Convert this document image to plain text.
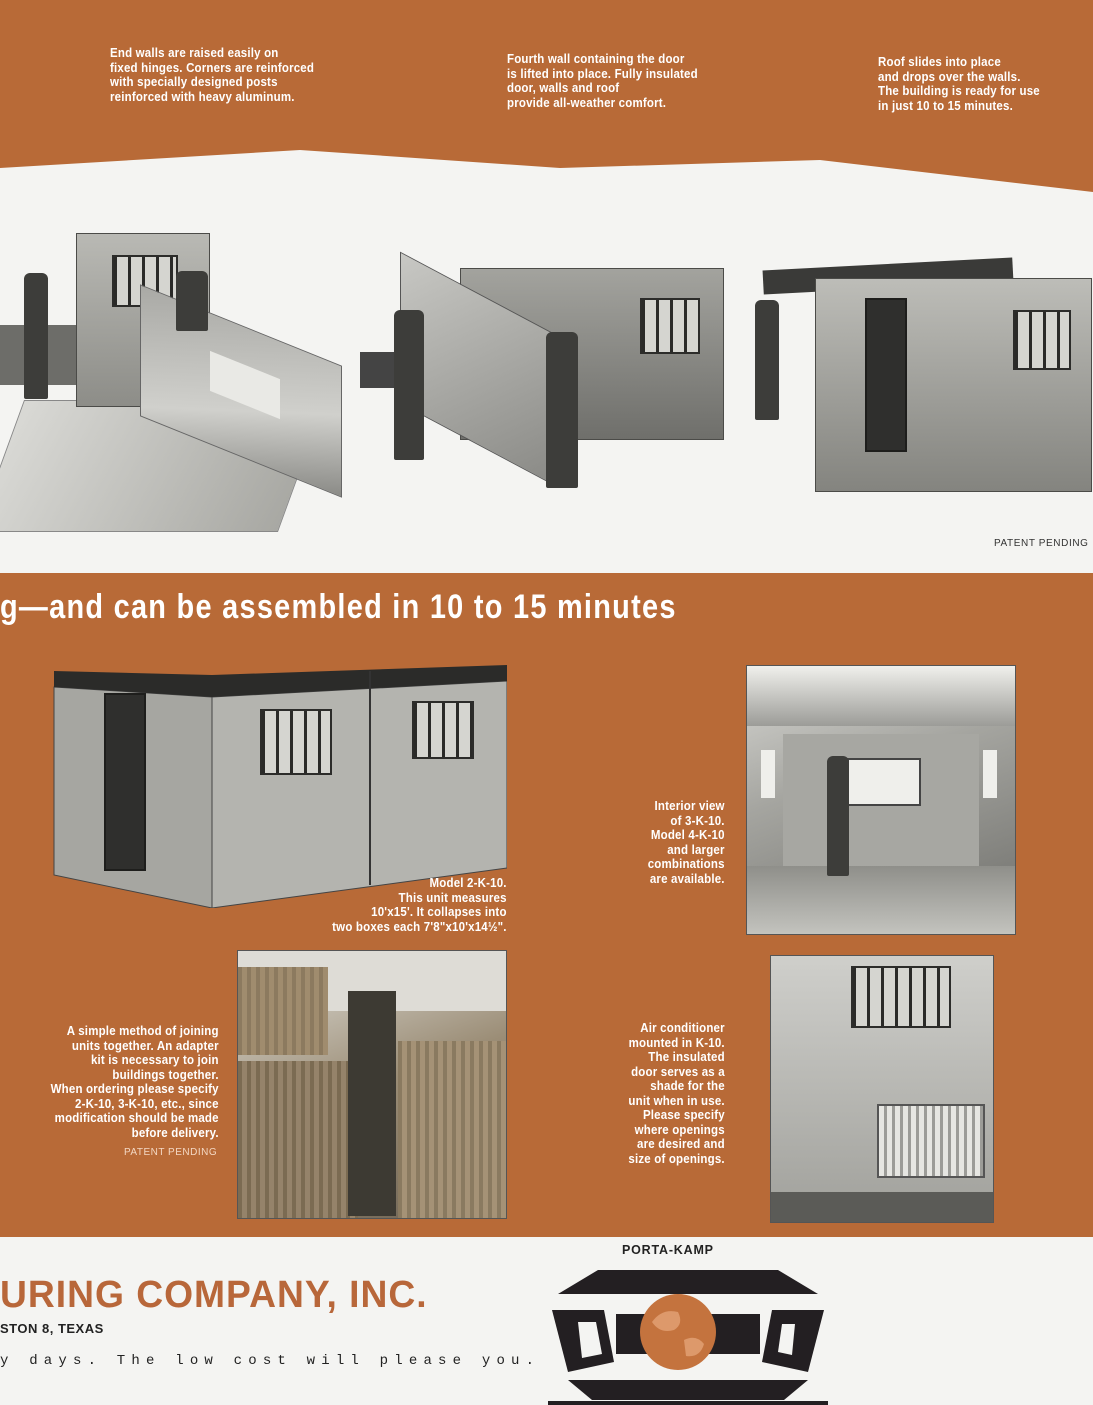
End walls are raised easily on
fixed hinges. Corners are reinforced
with specially designed posts
reinforced with heavy aluminum.
Fourth wall containing the door
is lifted into place. Fully insulated
door, walls and roof
provide all-weather comfort.
Roof slides into place
and drops over the walls.
The building is ready for use
in just 10 to 15 minutes.
PATENT PENDING
g—and can be assembled in 10 to 15 minutes
Model 2-K-10.
This unit measures
10'x15'. It collapses into
two boxes each 7'8"x10'x14½".
Interior view
of 3-K-10.
Model 4-K-10
and larger
combinations
are available.
A simple method of joining
units together. An adapter
kit is necessary to join
buildings together.
When ordering please specify
2-K-10, 3-K-10, etc., since
modification should be made
before delivery.
PATENT PENDING
Air conditioner
mounted in K-10.
The insulated
door serves as a
shade for the
unit when in use.
Please specify
where openings
are desired and
size of openings.
URING COMPANY, INC.
STON 8, TEXAS
y days. The low cost will please you.
PORTA-KAMP
